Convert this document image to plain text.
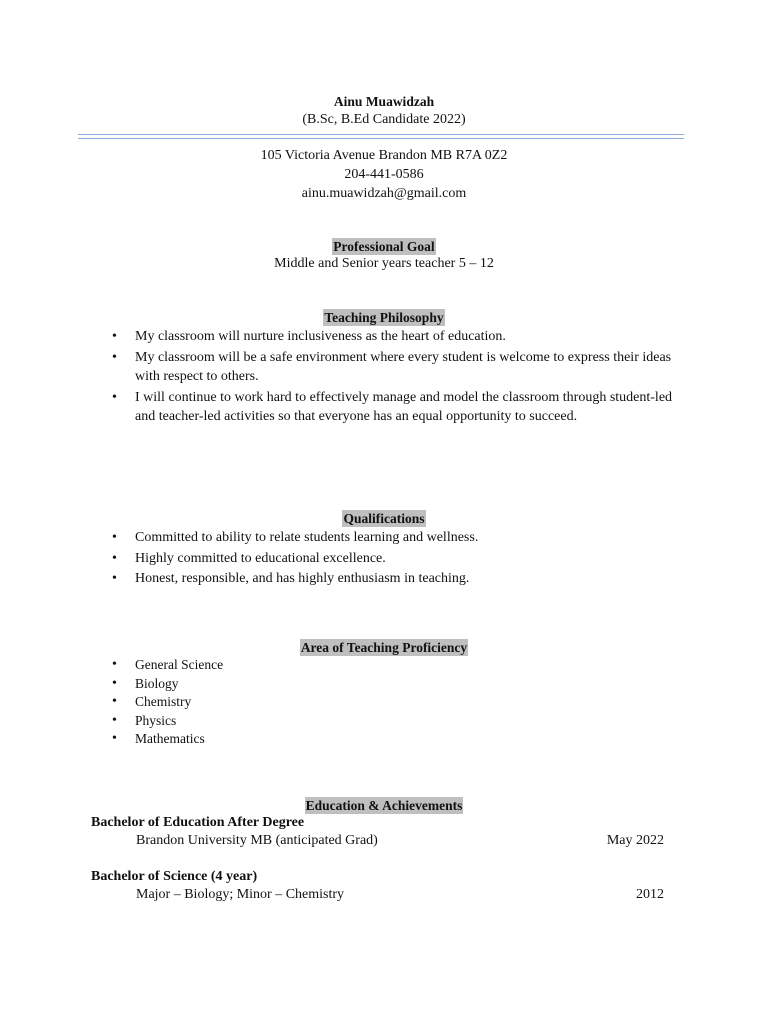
Ainu Muawidzah
(B.Sc, B.Ed Candidate 2022)
105 Victoria Avenue Brandon MB R7A 0Z2
204-441-0586
ainu.muawidzah@gmail.com
Professional Goal
Middle and Senior years teacher 5 – 12
Teaching Philosophy
• My classroom will nurture inclusiveness as the heart of education.
• My classroom will be a safe environment where every student is welcome to express their ideas with respect to others.
• I will continue to work hard to effectively manage and model the classroom through student-led and teacher-led activities so that everyone has an equal opportunity to succeed.
Qualifications
• Committed to ability to relate students learning and wellness.
• Highly committed to educational excellence.
• Honest, responsible, and has highly enthusiasm in teaching.
Area of Teaching Proficiency
• General Science
• Biology
• Chemistry
• Physics
• Mathematics
Education & Achievements
Bachelor of Education After Degree
Brandon University MB (anticipated Grad)	May 2022
Bachelor of Science (4 year)
Major – Biology; Minor – Chemistry	2012
